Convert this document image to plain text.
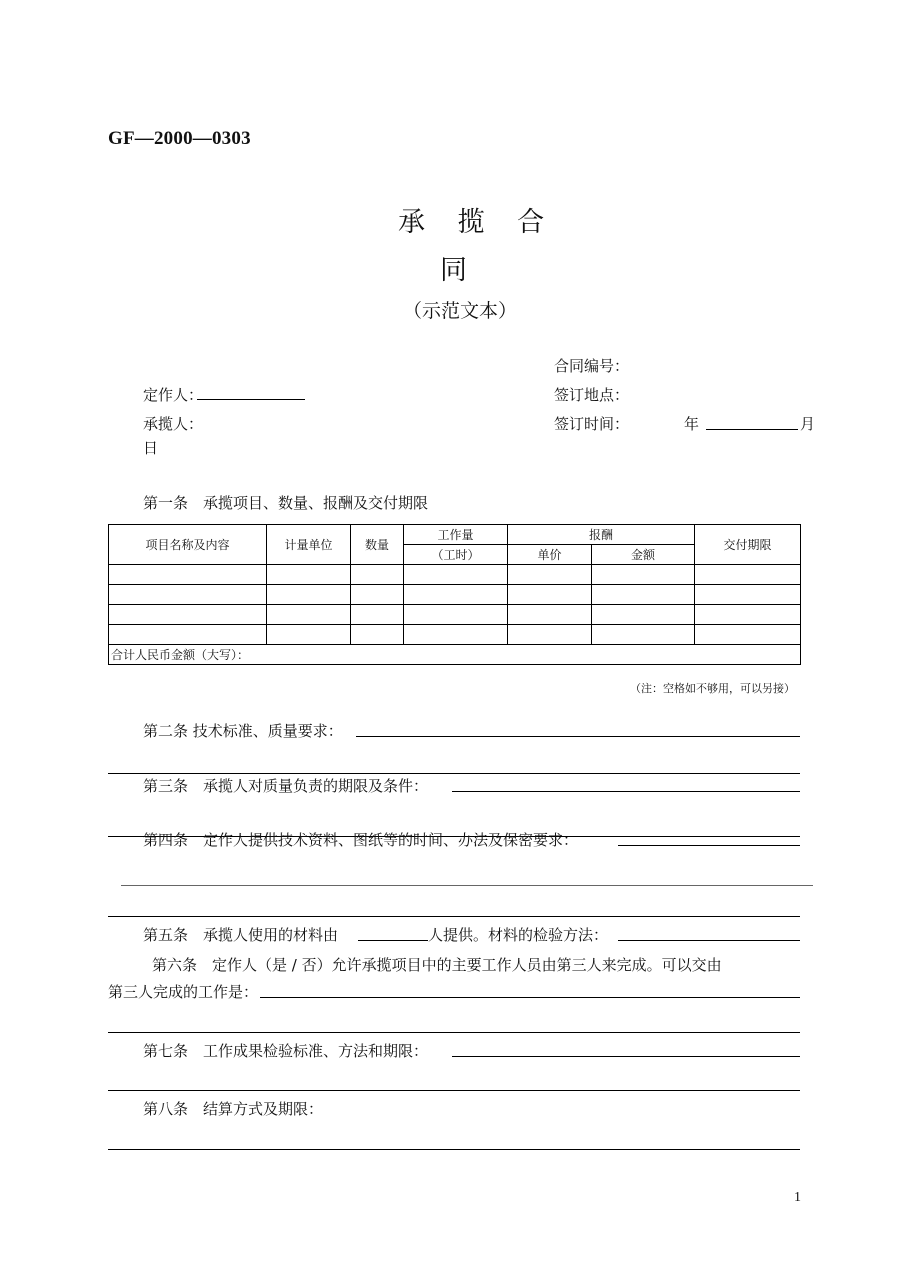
GF—2000—0303
承 揽 合
同
（示范文本）
合同编号：
定作人：	签订地点：
承揽人：	签订时间：	年	月
日
第一条　承揽项目、数量、报酬及交付期限
项目名称及内容	计量单位	数量	工作量	报酬		交付期限
			（工时）	单价	金额	

合计人民币金额（大写）：						
（注：空格如不够用，可以另接）
第二条 技术标准、质量要求：
第三条　承揽人对质量负责的期限及条件：
第四条　定作人提供技术资料、图纸等的时间、办法及保密要求：
第五条　承揽人使用的材料由	人提供。材料的检验方法：
第六条　定作人（是 / 否）允许承揽项目中的主要工作人员由第三人来完成。可以交由
第三人完成的工作是：
第七条　工作成果检验标准、方法和期限：
第八条　结算方式及期限：
1
